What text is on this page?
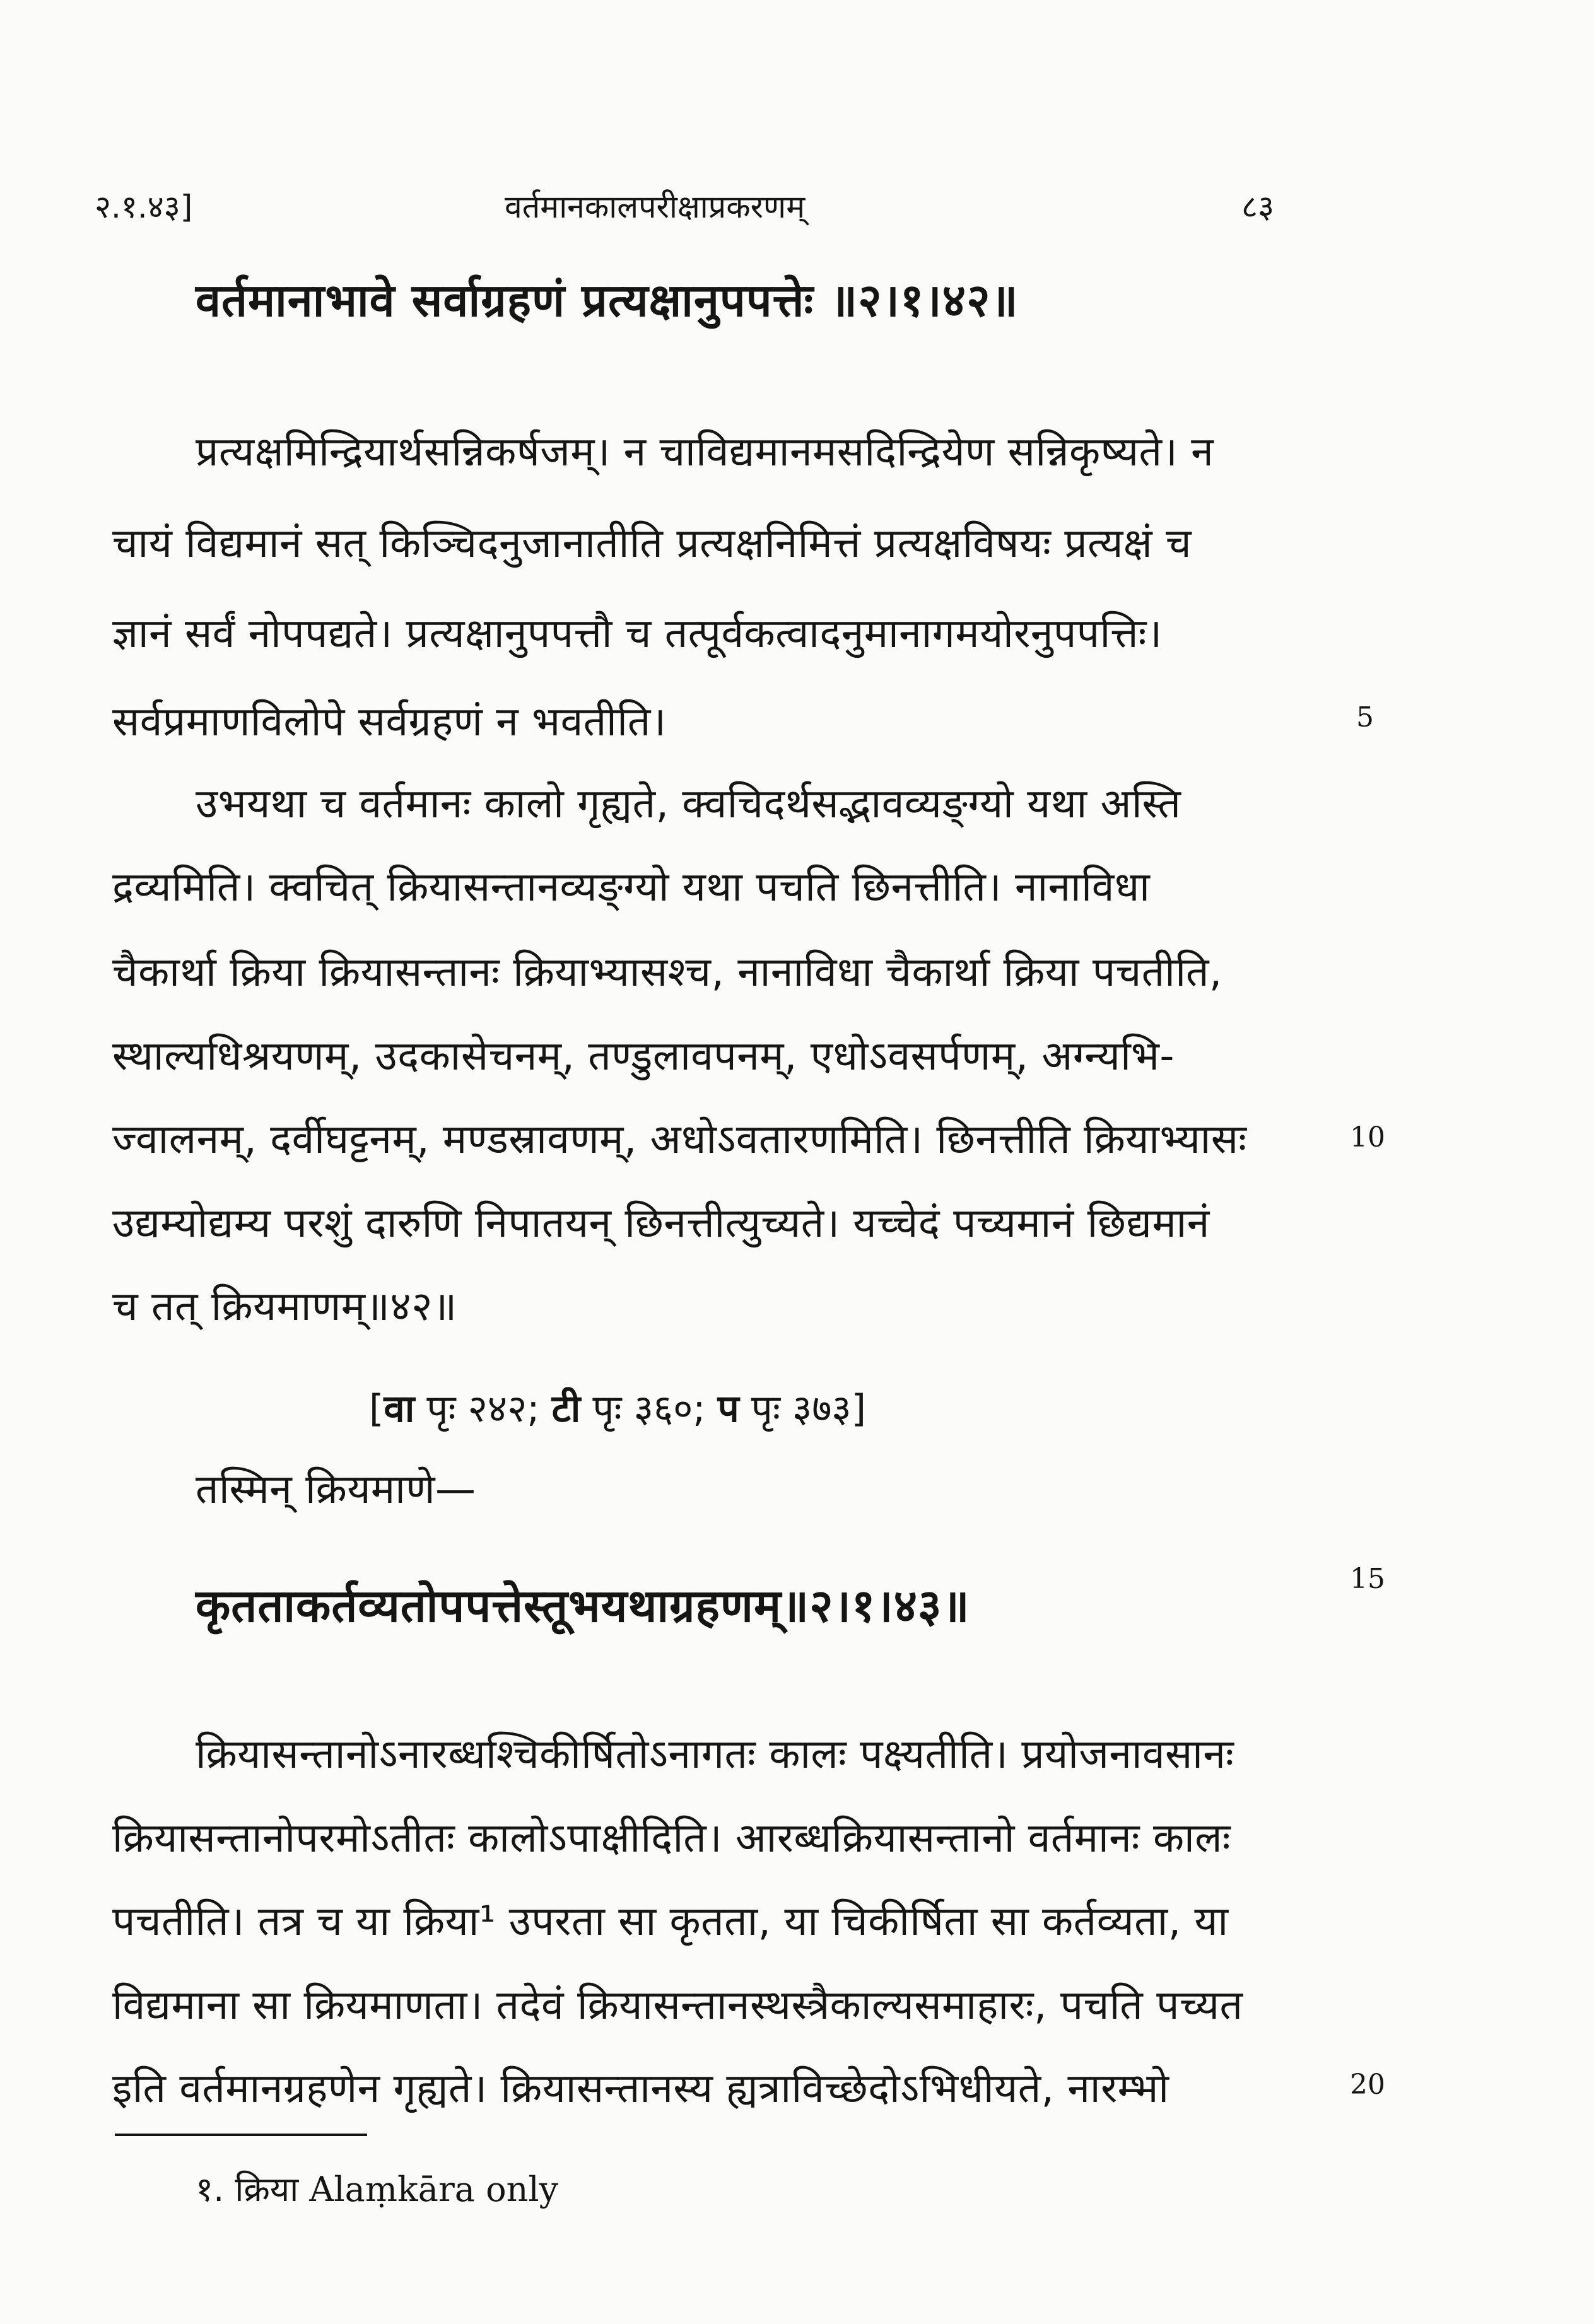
२.१.४३]	वर्तमानकालपरीक्षाप्रकरणम्	८३
वर्तमानाभावे सर्वाग्रहणं प्रत्यक्षानुपपत्तेः ॥२।१।४२॥
प्रत्यक्षमिन्द्रियार्थसन्निकर्षजम्। न चाविद्यमानमसदिन्द्रियेण सन्निकृष्यते। न
चायं विद्यमानं सत् किञ्चिदनुजानातीति प्रत्यक्षनिमित्तं प्रत्यक्षविषयः प्रत्यक्षं च
ज्ञानं सर्वं नोपपद्यते। प्रत्यक्षानुपपत्तौ च तत्पूर्वकत्वादनुमानागमयोरनुपपत्तिः।
सर्वप्रमाणविलोपे सर्वग्रहणं न भवतीति।
उभयथा च वर्तमानः कालो गृह्यते, क्वचिदर्थसद्भावव्यङ्ग्यो यथा अस्ति
द्रव्यमिति। क्वचित् क्रियासन्तानव्यङ्ग्यो यथा पचति छिनत्तीति। नानाविधा
चैकार्था क्रिया क्रियासन्तानः क्रियाभ्यासश्च, नानाविधा चैकार्था क्रिया पचतीति,
स्थाल्यधिश्रयणम्, उदकासेचनम्, तण्डुलावपनम्, एधोऽवसर्पणम्, अग्न्यभि-
ज्वालनम्, दर्वीघट्टनम्, मण्डस्रावणम्, अधोऽवतारणमिति। छिनत्तीति क्रियाभ्यासः
उद्यम्योद्यम्य परशुं दारुणि निपातयन् छिनत्तीत्युच्यते। यच्चेदं पच्यमानं छिद्यमानं
च तत् क्रियमाणम्॥४२॥
[वा पृः २४२; टी पृः ३६०; प पृः ३७३]
तस्मिन् क्रियमाणे—
कृतताकर्तव्यतोपपत्तेस्तूभयथाग्रहणम्॥२।१।४३॥
क्रियासन्तानोऽनारब्धश्चिकीर्षितोऽनागतः कालः पक्ष्यतीति। प्रयोजनावसानः
क्रियासन्तानोपरमोऽतीतः कालोऽपाक्षीदिति। आरब्धक्रियासन्तानो वर्तमानः कालः
पचतीति। तत्र च या क्रिया¹ उपरता सा कृतता, या चिकीर्षिता सा कर्तव्यता, या
विद्यमाना सा क्रियमाणता। तदेवं क्रियासन्तानस्थस्त्रैकाल्यसमाहारः, पचति पच्यत
इति वर्तमानग्रहणेन गृह्यते। क्रियासन्तानस्य ह्यत्राविच्छेदोऽभिधीयते, नारम्भो
5
10
15
20
१. क्रिया Alaṃkāra only
